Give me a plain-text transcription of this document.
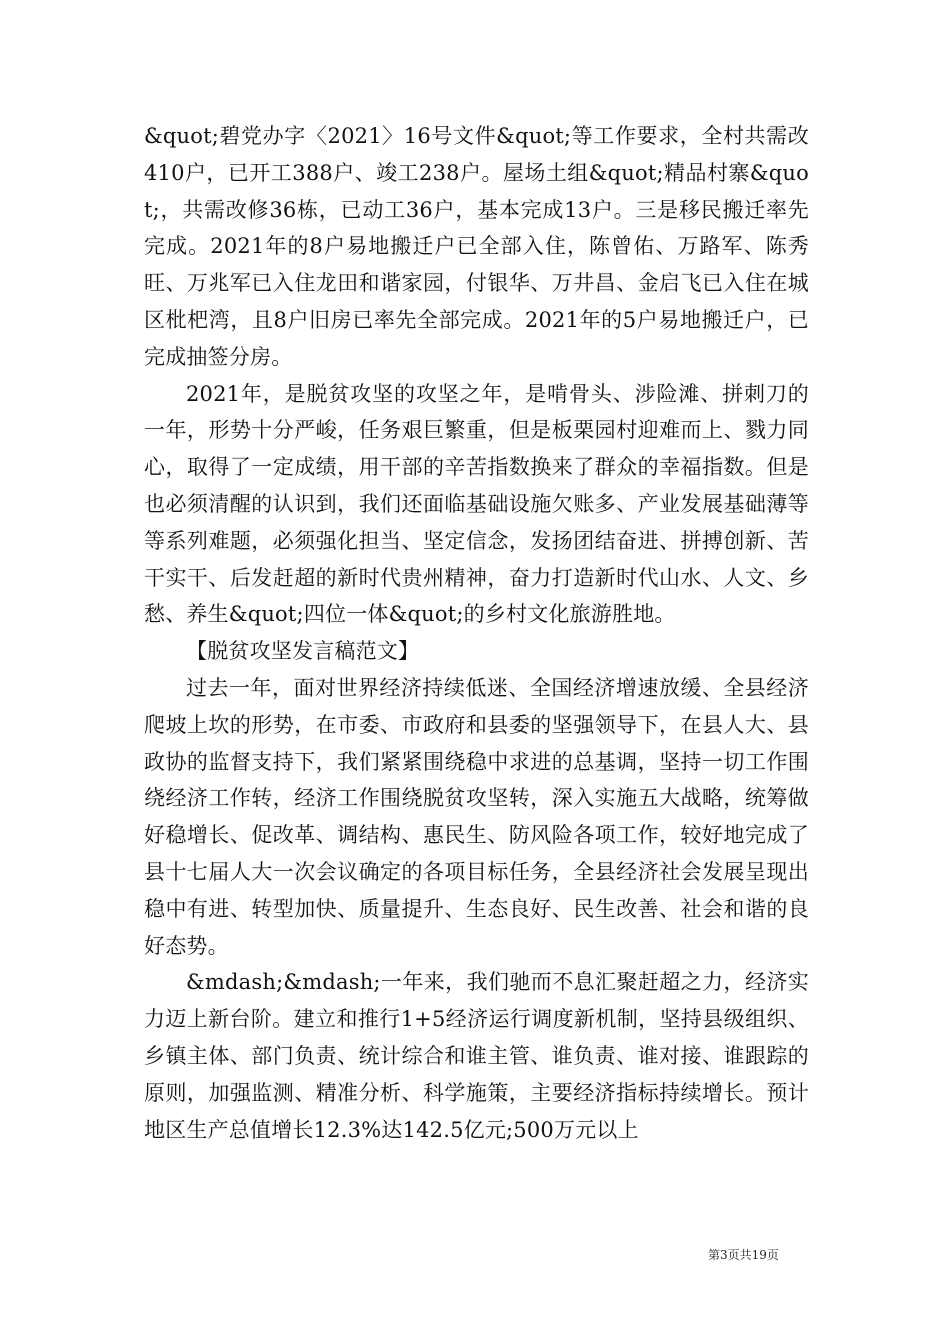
&quot;碧党办字〈2021〉16号文件&quot;等工作要求，全村共需改410户，已开工388户、竣工238户。屋场土组&quot;精品村寨&quot;，共需改修36栋，已动工36户，基本完成13户。三是移民搬迁率先完成。2021年的8户易地搬迁户已全部入住，陈曾佑、万路军、陈秀旺、万兆军已入住龙田和谐家园，付银华、万井昌、金启飞已入住在城区枇杷湾，且8户旧房已率先全部完成。2021年的5户易地搬迁户，已完成抽签分房。

2021年，是脱贫攻坚的攻坚之年，是啃骨头、涉险滩、拼刺刀的一年，形势十分严峻，任务艰巨繁重，但是板栗园村迎难而上、戮力同心，取得了一定成绩，用干部的辛苦指数换来了群众的幸福指数。但是也必须清醒的认识到，我们还面临基础设施欠账多、产业发展基础薄等等系列难题，必须强化担当、坚定信念，发扬团结奋进、拼搏创新、苦干实干、后发赶超的新时代贵州精神，奋力打造新时代山水、人文、乡愁、养生&quot;四位一体&quot;的乡村文化旅游胜地。

【脱贫攻坚发言稿范文】

过去一年，面对世界经济持续低迷、全国经济增速放缓、全县经济爬坡上坎的形势，在市委、市政府和县委的坚强领导下，在县人大、县政协的监督支持下，我们紧紧围绕稳中求进的总基调，坚持一切工作围绕经济工作转，经济工作围绕脱贫攻坚转，深入实施五大战略，统筹做好稳增长、促改革、调结构、惠民生、防风险各项工作，较好地完成了县十七届人大一次会议确定的各项目标任务，全县经济社会发展呈现出稳中有进、转型加快、质量提升、生态良好、民生改善、社会和谐的良好态势。

&mdash;&mdash;一年来，我们驰而不息汇聚赶超之力，经济实力迈上新台阶。建立和推行1+5经济运行调度新机制，坚持县级组织、乡镇主体、部门负责、统计综合和谁主管、谁负责、谁对接、谁跟踪的原则，加强监测、精准分析、科学施策，主要经济指标持续增长。预计地区生产总值增长12.3%达142.5亿元;500万元以上

第3页共19页
